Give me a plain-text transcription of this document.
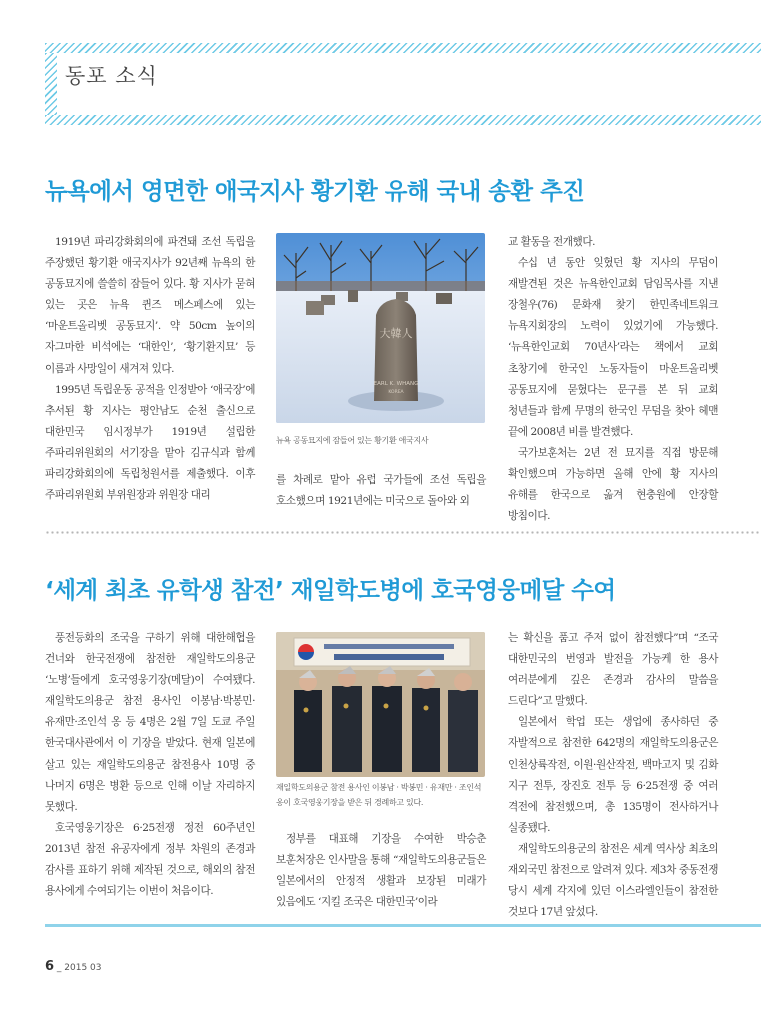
동포 소식
뉴욕에서 영면한 애국지사 황기환 유해 국내 송환 추진

1919년 파리강화회의에 파견돼 조선 독립을 주장했던 황기환 애국지사가 92년째 뉴욕의 한 공동묘지에 쓸쓸히 잠들어 있다. 황 지사가 묻혀 있는 곳은 뉴욕 퀸즈 메스페스에 있는 ‘마운트올리벳 공동묘지’. 약 50cm 높이의 자그마한 비석에는 ‘대한인’, ‘황기환지묘’ 등 이름과 사망일이 새겨져 있다.

1995년 독립운동 공적을 인정받아 ‘애국장’에 추서된 황 지사는 평안남도 순천 출신으로 대한민국 임시정부가 1919년 설립한 주파리위원회의 서기장을 맡아 김규식과 함께 파리강화회의에 독립청원서를 제출했다. 이후 주파리위원회 부위원장과 위원장 대리

大韓人
EARL K. WHANG
KOREA
뉴욕 공동묘지에 잠들어 있는 황기환 애국지사

를 차례로 맡아 유럽 국가들에 조선 독립을 호소했으며 1921년에는 미국으로 돌아와 외

교 활동을 전개했다.

수십 년 동안 잊혔던 황 지사의 무덤이 재발견된 것은 뉴욕한인교회 담임목사를 지낸 장철우(76) 문화재 찾기 한민족네트워크 뉴욕지회장의 노력이 있었기에 가능했다. ‘뉴욕한인교회 70년사’라는 책에서 교회 초창기에 한국인 노동자들이 마운트올리벳 공동묘지에 묻혔다는 문구를 본 뒤 교회 청년들과 함께 무명의 한국인 무덤을 찾아 헤맨 끝에 2008년 비를 발견했다.

국가보훈처는 2년 전 묘지를 직접 방문해 확인했으며 가능하면 올해 안에 황 지사의 유해를 한국으로 옮겨 현충원에 안장할 방침이다.

‘세계 최초 유학생 참전’ 재일학도병에 호국영웅메달 수여

풍전등화의 조국을 구하기 위해 대한해협을 건너와 한국전쟁에 참전한 재일학도의용군 ‘노병’들에게 호국영웅기장(메달)이 수여됐다. 재일학도의용군 참전 용사인 이봉남·박봉민·유재만·조인석 옹 등 4명은 2월 7일 도쿄 주일 한국대사관에서 이 기장을 받았다. 현재 일본에 살고 있는 재일학도의용군 참전용사 10명 중 나머지 6명은 병환 등으로 인해 이날 자리하지 못했다.

호국영웅기장은 6·25전쟁 정전 60주년인 2013년 참전 유공자에게 정부 차원의 존경과 감사를 표하기 위해 제작된 것으로, 해외의 참전 용사에게 수여되기는 이번이 처음이다.

재일학도의용군 참전 용사인 이봉남 · 박봉민 · 유재만 · 조인석 옹이 호국영웅기장을 받은 뒤 경례하고 있다.

정부를 대표해 기장을 수여한 박승춘 보훈처장은 인사말을 통해 “재일학도의용군들은 일본에서의 안정적 생활과 보장된 미래가 있음에도 ‘지킬 조국은 대한민국’이라

는 확신을 품고 주저 없이 참전했다”며 “조국 대한민국의 번영과 발전을 가능케 한 용사 여러분에게 깊은 존경과 감사의 말씀을 드린다”고 말했다.

일본에서 학업 또는 생업에 종사하던 중 자발적으로 참전한 642명의 재일학도의용군은 인천상륙작전, 이원·원산작전, 백마고지 및 김화 지구 전투, 장진호 전투 등 6·25전쟁 중 여러 격전에 참전했으며, 총 135명이 전사하거나 실종됐다.

재일학도의용군의 참전은 세계 역사상 최초의 재외국민 참전으로 알려져 있다. 제3차 중동전쟁 당시 세계 각지에 있던 이스라엘인들이 참전한 것보다 17년 앞섰다.

6 _ 2015 03
